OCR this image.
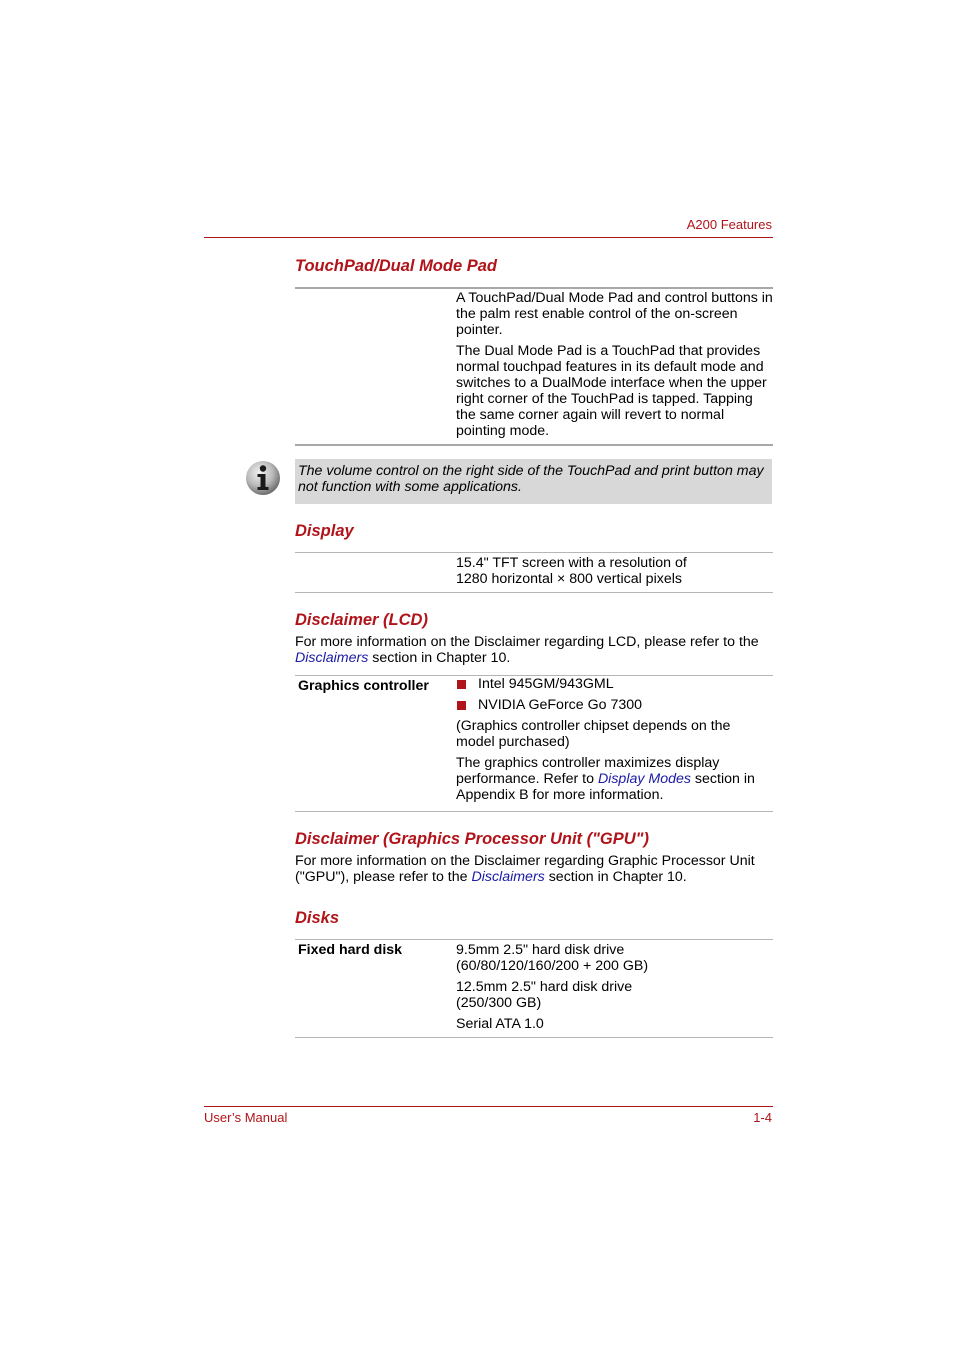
A200 Features
TouchPad/Dual Mode Pad
A TouchPad/Dual Mode Pad and control buttons in the palm rest enable control of the on-screen pointer.
The Dual Mode Pad is a TouchPad that provides normal touchpad features in its default mode and switches to a DualMode interface when the upper right corner of the TouchPad is tapped. Tapping the same corner again will revert to normal pointing mode.
The volume control on the right side of the TouchPad and print button may not function with some applications.
Display
15.4" TFT screen with a resolution of
1280 horizontal × 800 vertical pixels
Disclaimer (LCD)
For more information on the Disclaimer regarding LCD, please refer to the Disclaimers section in Chapter 10.
Graphics controller	Intel 945GM/943GML
NVIDIA GeForce Go 7300
(Graphics controller chipset depends on the model purchased)
The graphics controller maximizes display performance. Refer to Display Modes section in Appendix B for more information.
Disclaimer (Graphics Processor Unit ("GPU")
For more information on the Disclaimer regarding Graphic Processor Unit ("GPU"), please refer to the Disclaimers section in Chapter 10.
Disks
Fixed hard disk	9.5mm 2.5" hard disk drive
(60/80/120/160/200 + 200 GB)
12.5mm 2.5" hard disk drive
(250/300 GB)
Serial ATA 1.0
User’s Manual	1-4
